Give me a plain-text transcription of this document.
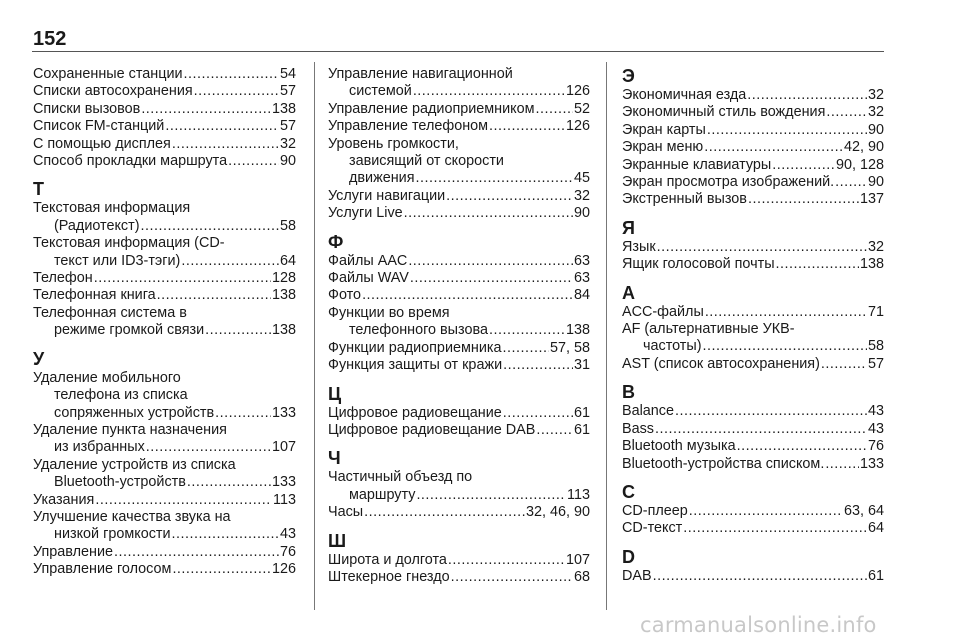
152
Сохраненные станции .....	54
Списки автосохранения .....	57
Списки вызовов .....	138
Список FM-станций .....	57
С помощью дисплея .....	32
Способ прокладки маршрута .....	90
Т
Текстовая информация
(Радиотекст) .....	58
Текстовая информация (CD-
текст или ID3-тэги) .....	64
Телефон .....	128
Телефонная книга .....	138
Телефонная система в
режиме громкой связи .....	138
У
Удаление мобильного
телефона из списка
сопряженных устройств .....	133
Удаление пункта назначения
из избранных .....	107
Удаление устройств из списка
Bluetooth-устройств .....	133
Указания .....	113
Улучшение качества звука на
низкой громкости .....	43
Управление .....	76
Управление голосом .....	126
Управление навигационной
системой .....	126
Управление радиоприемником .....	52
Управление телефоном .....	126
Уровень громкости,
зависящий от скорости
движения .....	45
Услуги навигации .....	32
Услуги Live .....	90
Ф
Файлы AAC .....	63
Файлы WAV .....	63
Фото .....	84
Функции во время
телефонного вызова .....	138
Функции радиоприемника .....	57, 58
Функция защиты от кражи .....	31
Ц
Цифровое радиовещание .....	61
Цифровое радиовещание DAB .....	61
Ч
Частичный объезд по
маршруту .....	113
Часы .....	32, 46, 90
Ш
Широта и долгота .....	107
Штекерное гнездо .....	68
Э
Экономичная езда .....	32
Экономичный стиль вождения .....	32
Экран карты .....	90
Экран меню .....	42, 90
Экранные клавиатуры .....	90, 128
Экран просмотра изображений. ..... 90
Экстренный вызов .....	137
Я
Язык .....	32
Ящик голосовой почты .....	138
A
ACC-файлы .....	71
AF (альтернативные УКВ-
частоты) .....	58
AST (список автосохранения) .....	57
B
Balance .....	43
Bass .....	43
Bluetooth музыка .....	76
Bluetooth-устройства списком. ..... 133
C
CD-плеер .....	63, 64
CD-текст .....	64
D
DAB .....	61
carmanualsonline.info
